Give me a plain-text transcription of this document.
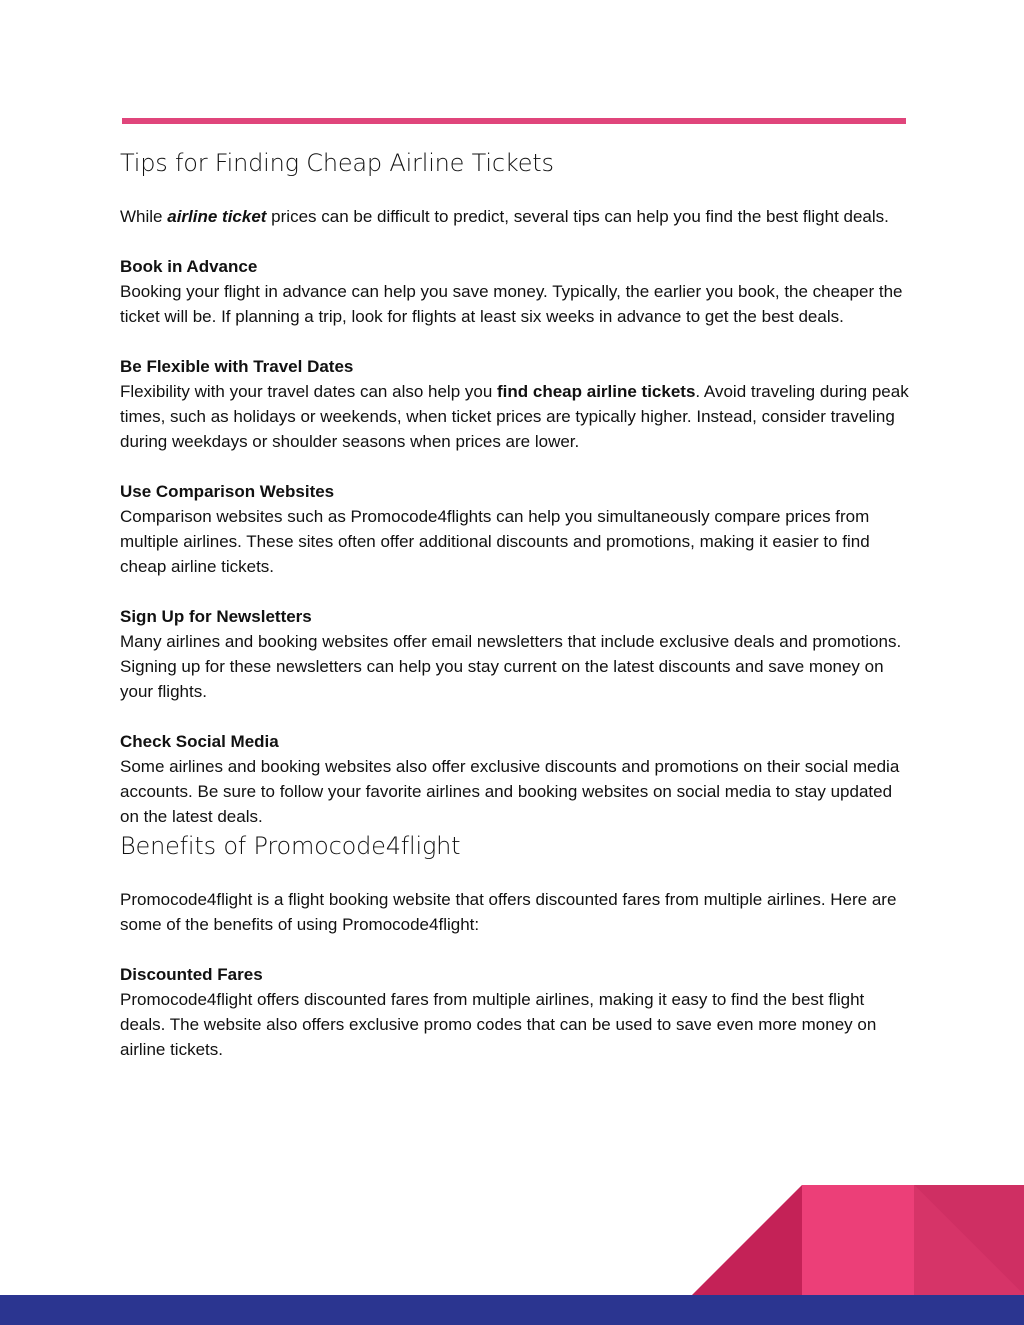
Tips for Finding Cheap Airline Tickets

While airline ticket prices can be difficult to predict, several tips can help you find the best flight deals.

Book in Advance

Booking your flight in advance can help you save money. Typically, the earlier you book, the cheaper the ticket will be. If planning a trip, look for flights at least six weeks in advance to get the best deals.

Be Flexible with Travel Dates

Flexibility with your travel dates can also help you find cheap airline tickets. Avoid traveling during peak times, such as holidays or weekends, when ticket prices are typically higher. Instead, consider traveling during weekdays or shoulder seasons when prices are lower.

Use Comparison Websites

Comparison websites such as Promocode4flights can help you simultaneously compare prices from multiple airlines. These sites often offer additional discounts and promotions, making it easier to find cheap airline tickets.

Sign Up for Newsletters

Many airlines and booking websites offer email newsletters that include exclusive deals and promotions. Signing up for these newsletters can help you stay current on the latest discounts and save money on your flights.

Check Social Media

Some airlines and booking websites also offer exclusive discounts and promotions on their social media accounts. Be sure to follow your favorite airlines and booking websites on social media to stay updated on the latest deals.

Benefits of Promocode4flight

Promocode4flight is a flight booking website that offers discounted fares from multiple airlines. Here are some of the benefits of using Promocode4flight:

Discounted Fares

Promocode4flight offers discounted fares from multiple airlines, making it easy to find the best flight deals. The website also offers exclusive promo codes that can be used to save even more money on airline tickets.
